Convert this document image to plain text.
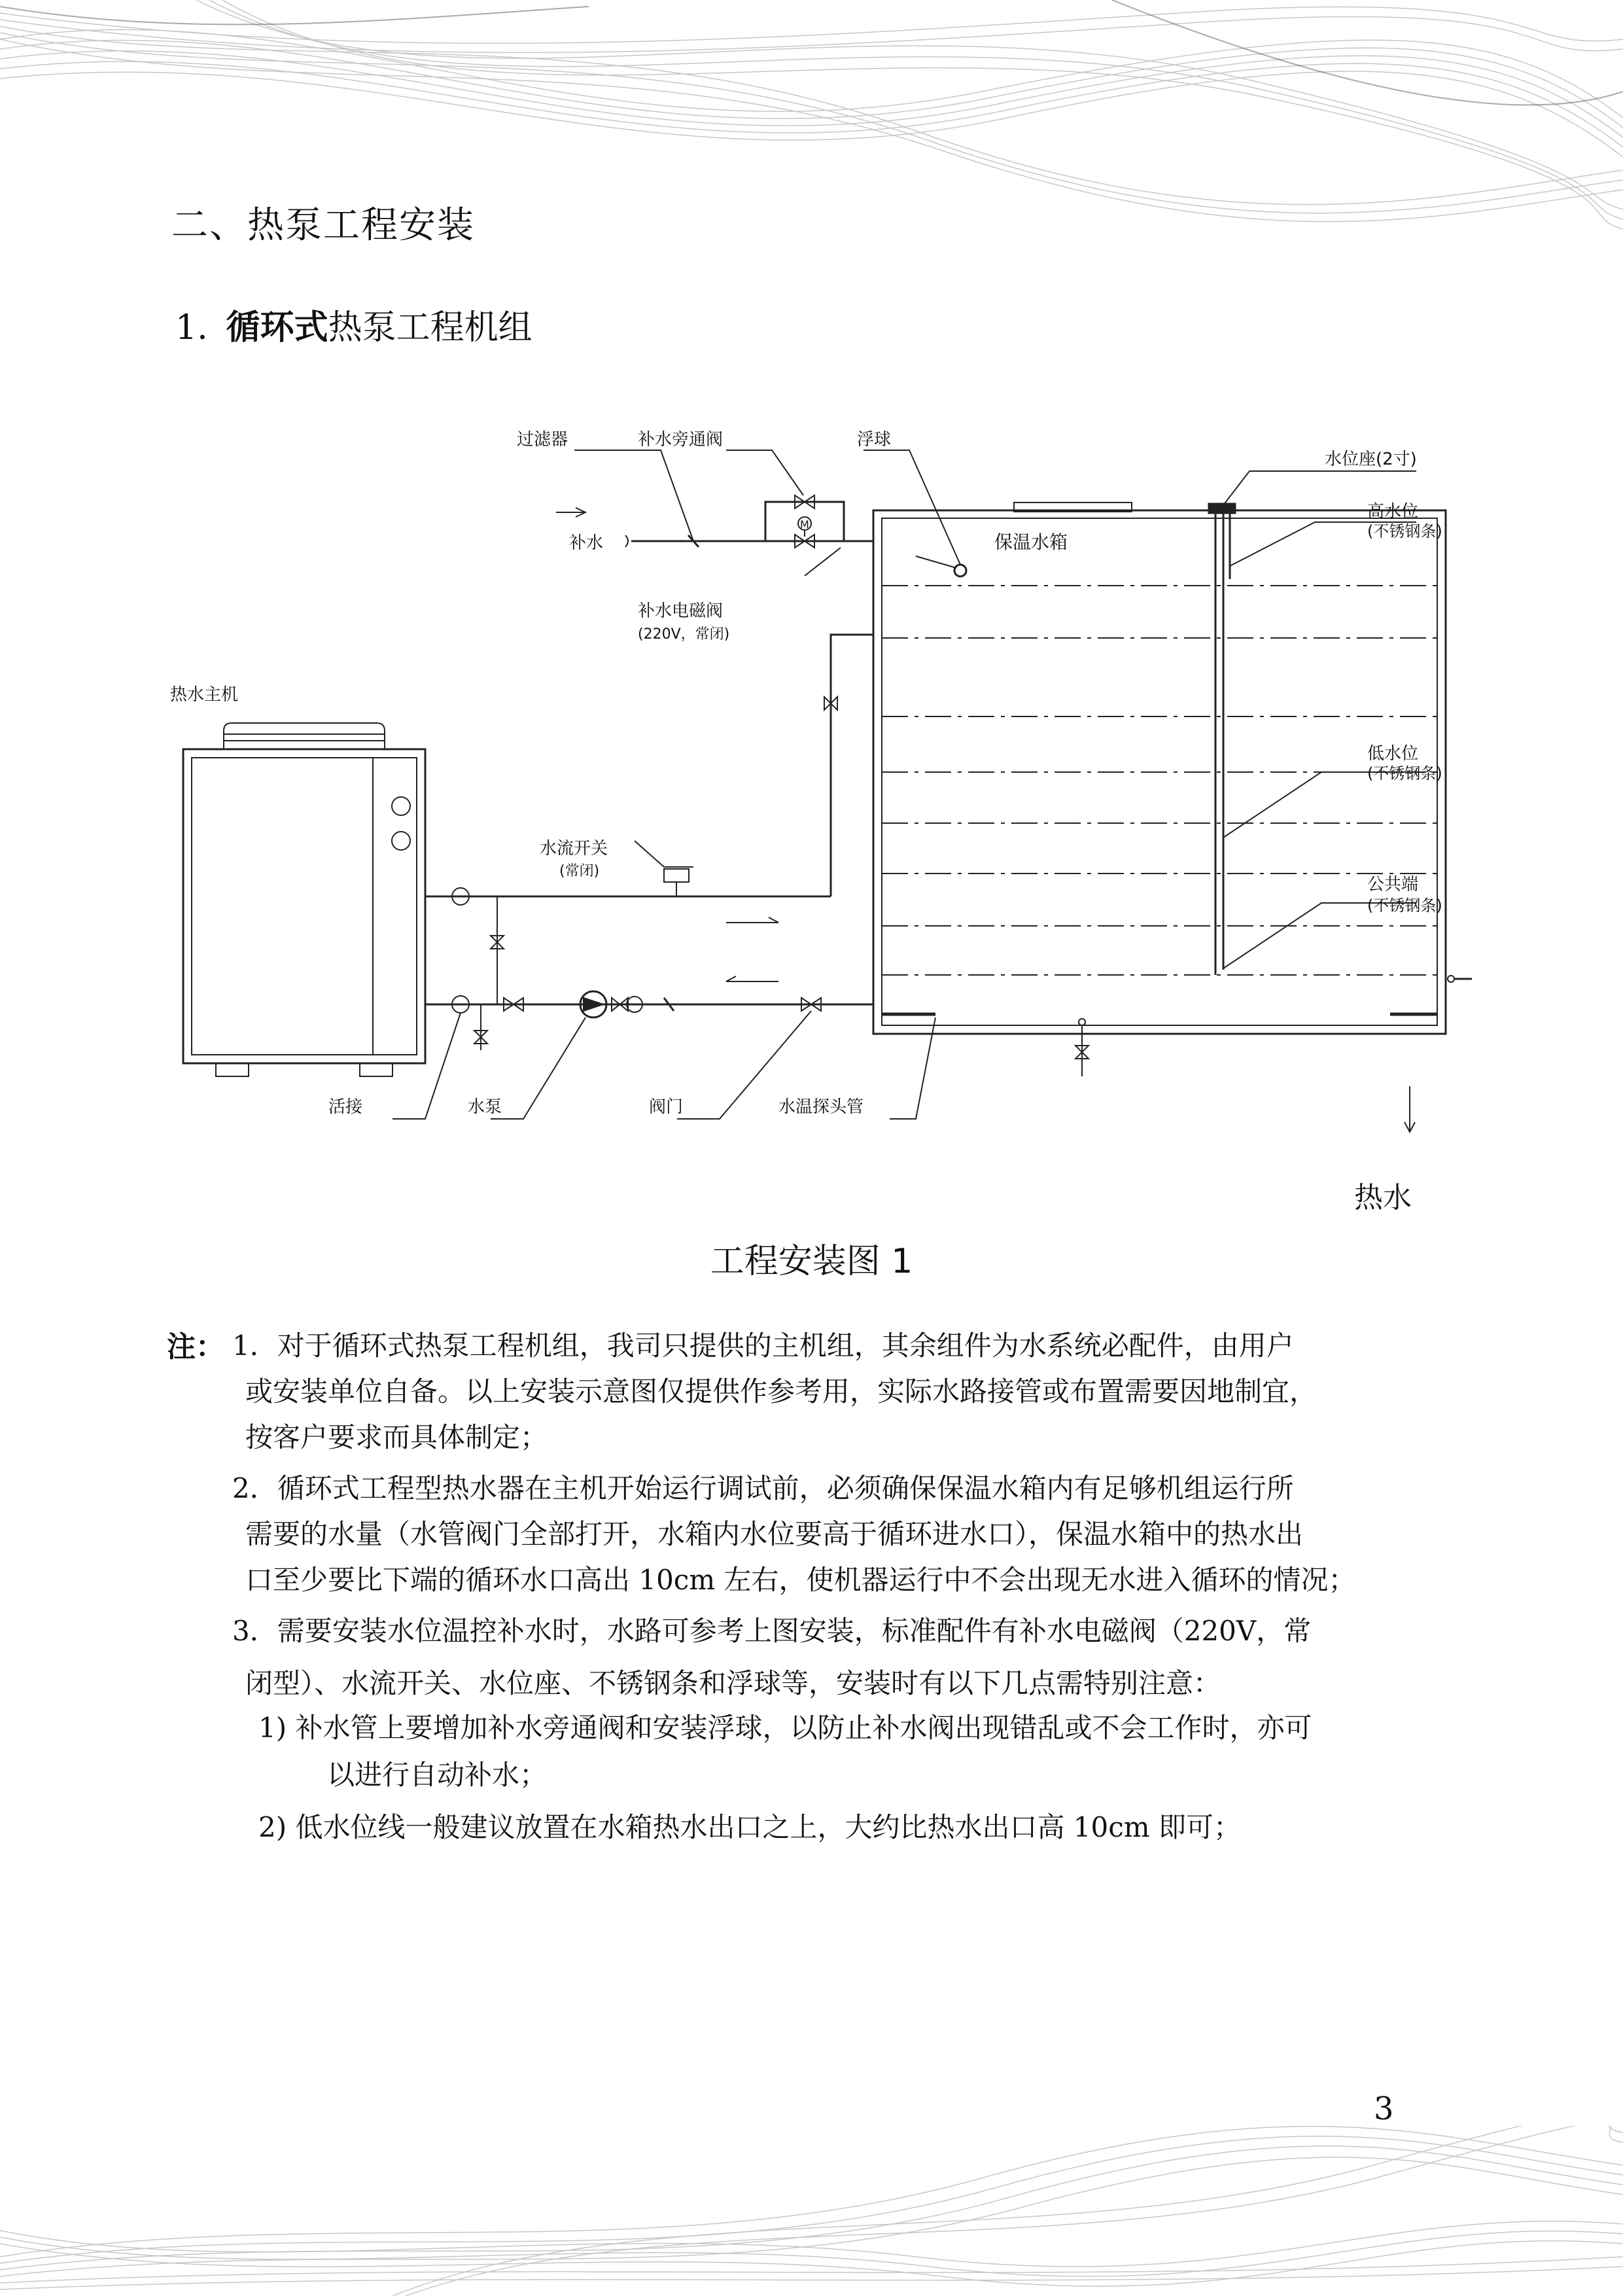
二、热泵工程安装
1. 循环式热泵工程机组
过滤器	补水旁通阀	浮球
水位座(2寸)
补水	保温水箱
高水位
(不锈钢条)
补水电磁阀
(220V，常闭)
热水主机
低水位
(不锈钢条)
水流开关
(常闭)
公共端
(不锈钢条)
活接	水泵	阀门	水温探头管
热水
M
工程安装图 1
注： 1．对于循环式热泵工程机组，我司只提供的主机组，其余组件为水系统必配件，由用户
或安装单位自备。以上安装示意图仅提供作参考用，实际水路接管或布置需要因地制宜，
按客户要求而具体制定；
2．循环式工程型热水器在主机开始运行调试前，必须确保保温水箱内有足够机组运行所
需要的水量（水管阀门全部打开，水箱内水位要高于循环进水口），保温水箱中的热水出
口至少要比下端的循环水口高出 10cm 左右，使机器运行中不会出现无水进入循环的情况；
3．需要安装水位温控补水时，水路可参考上图安装，标准配件有补水电磁阀（220V，常
闭型）、水流开关、水位座、不锈钢条和浮球等，安装时有以下几点需特别注意：
1) 补水管上要增加补水旁通阀和安装浮球，以防止补水阀出现错乱或不会工作时，亦可
以进行自动补水；
2) 低水位线一般建议放置在水箱热水出口之上，大约比热水出口高 10cm 即可；
3
